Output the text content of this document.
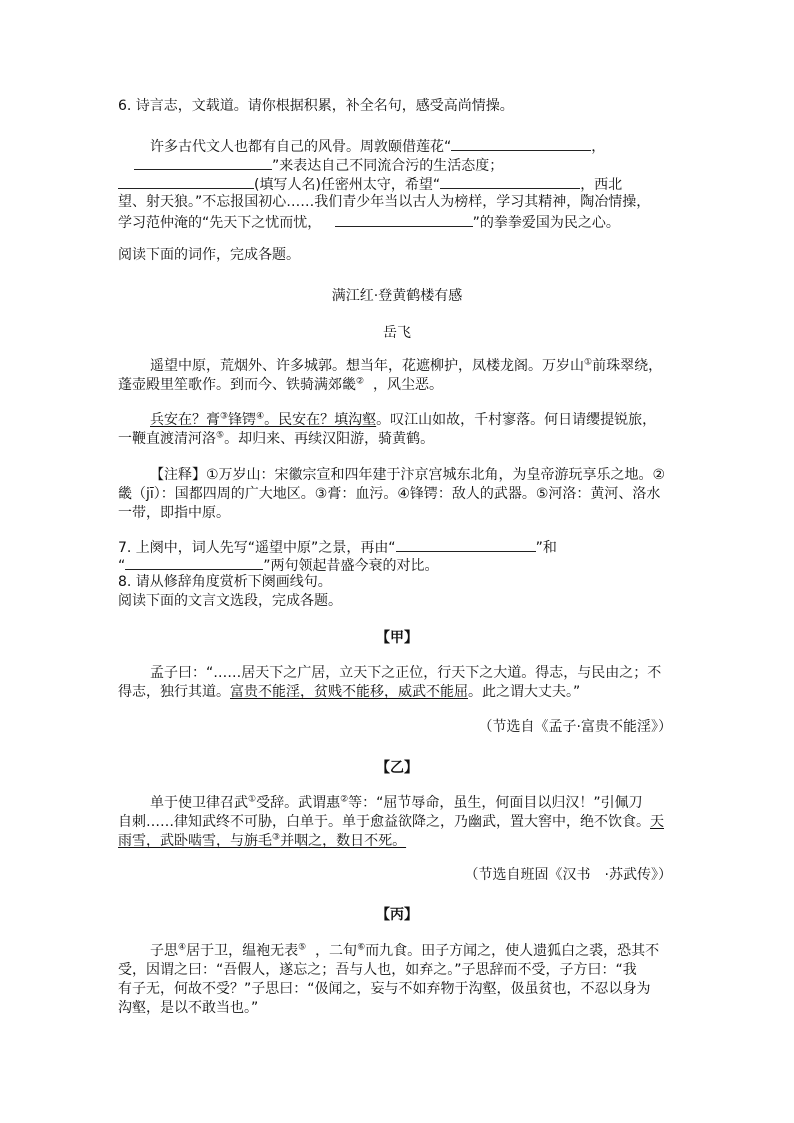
6. 诗言志，文载道。请你根据积累，补全名句，感受高尚情操。
许多古代文人也都有自己的风骨。周敦颐借莲花“	，
”来表达自己不同流合污的生活态度；
(填写人名)任密州太守，希望“	，西北
望、射天狼。”不忘报国初心……我们青少年当以古人为榜样，学习其精神，陶冶情操，
学习范仲淹的“先天下之忧而忧，	”的拳拳爱国为民之心。
阅读下面的词作，完成各题。
满江红·登黄鹤楼有感
岳飞
遥望中原，荒烟外、许多城郭。想当年，花遮柳护，凤楼龙阁。万岁山①前珠翠绕，
蓬壶殿里笙歌作。到而今、铁骑满郊畿② ，风尘恶。
兵安在？膏③锋锷④。民安在？填沟壑。叹江山如故，千村寥落。何日请缨提锐旅，
一鞭直渡清河洛⑤。却归来、再续汉阳游，骑黄鹤。
【注释】①万岁山：宋徽宗宣和四年建于汴京宫城东北角，为皇帝游玩享乐之地。②
畿（jī）：国都四周的广大地区。③膏：血污。④锋锷：敌人的武器。⑤河洛：黄河、洛水
一带，即指中原。
7. 上阕中，词人先写“遥望中原”之景，再由“	”和
“	”两句领起昔盛今衰的对比。
8. 请从修辞角度赏析下阕画线句。
阅读下面的文言文选段，完成各题。
【甲】
孟子曰：“……居天下之广居，立天下之正位，行天下之大道。得志，与民由之；不
得志，独行其道。富贵不能淫，贫贱不能移，威武不能屈。此之谓大丈夫。”
（节选自《孟子·富贵不能淫》）
【乙】
单于使卫律召武①受辞。武谓惠②等：“屈节辱命，虽生，何面目以归汉！”引佩刀
自刺……律知武终不可胁，白单于。单于愈益欲降之，乃幽武，置大窖中，绝不饮食。天
雨雪，武卧啮雪，与旃毛③并咽之，数日不死。
（节选自班固《汉书　·苏武传》）
【丙】
子思④居于卫，缊袍无表⑤ ，二旬⑥而九食。田子方闻之，使人遗狐白之裘，恐其不
受，因谓之曰：“吾假人，遂忘之；吾与人也，如弃之。”子思辞而不受，子方曰：“我
有子无，何故不受？”子思曰：“伋闻之，妄与不如弃物于沟壑，伋虽贫也，不忍以身为
沟壑，是以不敢当也。”
